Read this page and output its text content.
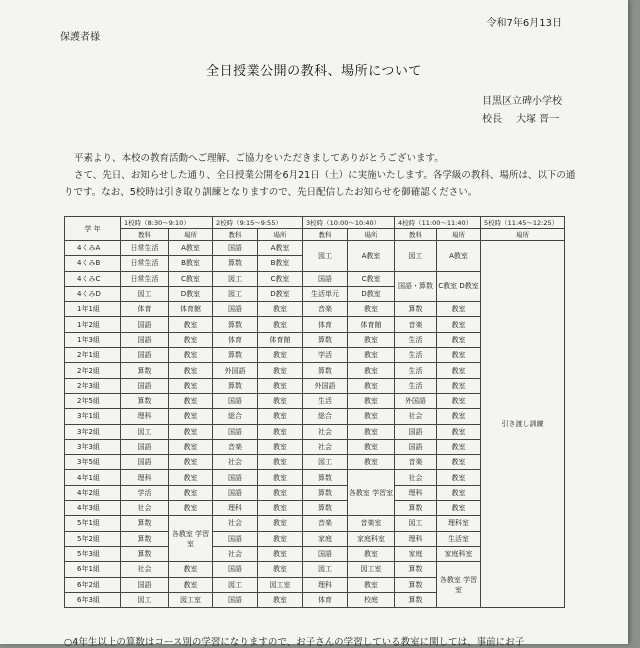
令和7年6月13日
保護者様
全日授業公開の教科、場所について
目黒区立碑小学校
校長 大塚 晋一

平素より、本校の教育活動へご理解、ご協力をいただきましてありがとうございます。

さて、先日、お知らせした通り、全日授業公開を6月21日（土）に実施いたします。各学級の教科、場所は、以下の通りです。なお、5校時は引き取り訓練となりますので、先日配信したお知らせを御確認ください。

学 年	1校時（8:30〜9:10）		2校時（9:15〜9:55）		3校時（10:00〜10:40）		4校時（11:00〜11:40）		5校時（11:45〜12:25）
	教科	場所	教科	場所	教科	場所	教科	場所	場所
4くみA	日常生活	A教室	国語	A教室	図工	A教室	図工	A教室	引き渡し訓練
4くみB	日常生活	B教室	算数	B教室					
4くみC	日常生活	C教室	図工	C教室	国語	C教室	国語・算数	C教室 D教室	
4くみD	図工	D教室	図工	D教室	生活単元	D教室			
1年1組	体育	体育館	国語	教室	音楽	教室	算数	教室	
1年2組	国語	教室	算数	教室	体育	体育館	音楽	教室	
1年3組	国語	教室	体育	体育館	算数	教室	生活	教室	
2年1組	国語	教室	算数	教室	学活	教室	生活	教室	
2年2組	算数	教室	外国語	教室	算数	教室	生活	教室	
2年3組	国語	教室	算数	教室	外国語	教室	生活	教室	
2年5組	算数	教室	国語	教室	生活	教室	外国語	教室	
3年1組	理科	教室	総合	教室	総合	教室	社会	教室	
3年2組	図工	教室	国語	教室	社会	教室	国語	教室	
3年3組	国語	教室	音楽	教室	社会	教室	国語	教室	
3年5組	国語	教室	社会	教室	図工	教室	音楽	教室	
4年1組	理科	教室	国語	教室	算数	各教室 学習室	社会	教室	
4年2組	学活	教室	国語	教室	算数		理科	教室	
4年3組	社会	教室	理科	教室	算数		算数	教室	
5年1組	算数	各教室 学習室	社会	教室	音楽	音楽室	図工	理科室	
5年2組	算数		国語	教室	家庭	家庭科室	理科	生活室	
5年3組	算数		社会	教室	国語	教室	家庭	家庭科室	
6年1組	社会	教室	国語	教室	図工	図工室	算数	各教室 学習室	
6年2組	国語	教室	図工	図工室	理科	教室	算数		
6年3組	図工	図工室	国語	教室	体育	校庭	算数		
○4年生以上の算数はコース別の学習になりますので、お子さんの学習している教室に関しては、事前にお子
